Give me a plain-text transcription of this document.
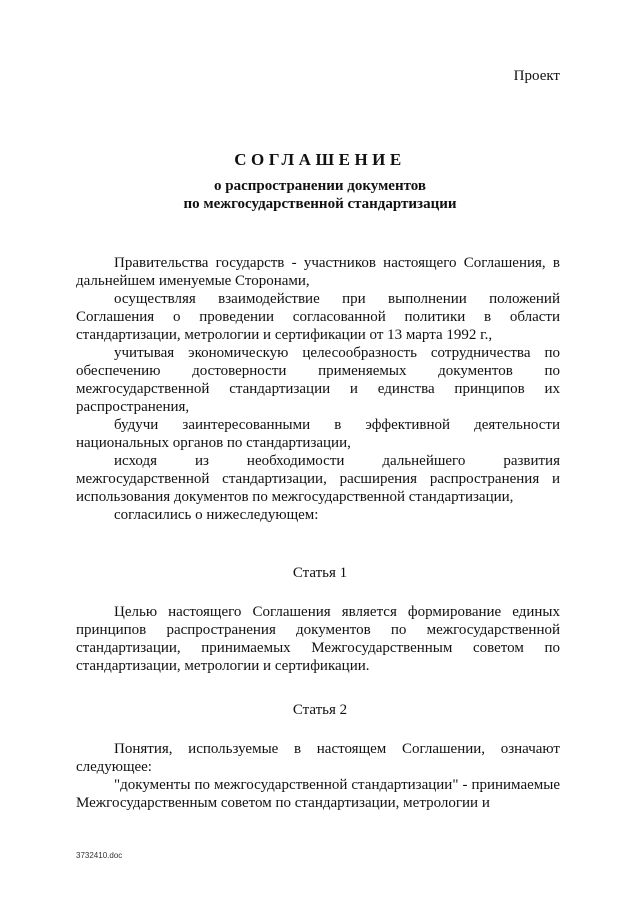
Проект
СОГЛАШЕНИЕ
о распространении документов
по межгосударственной стандартизации

Правительства государств - участников настоящего Соглашения, в дальнейшем именуемые Сторонами,

осуществляя взаимодействие при выполнении положений Соглашения о проведении согласованной политики в области стандартизации, метрологии и сертификации от 13 марта 1992 г.,

учитывая экономическую целесообразность сотрудничества по обеспечению достоверности применяемых документов по межгосударственной стандартизации и единства принципов их распространения,

будучи заинтересованными в эффективной деятельности национальных органов по стандартизации,

исходя из необходимости дальнейшего развития межгосударственной стандартизации, расширения распространения и использования документов по межгосударственной стандартизации,

согласились о нижеследующем:

Статья 1

Целью настоящего Соглашения является формирование единых принципов распространения документов по межгосударственной стандартизации, принимаемых Межгосударственным советом по стандартизации, метрологии и сертификации.

Статья 2

Понятия, используемые в настоящем Соглашении, означают следующее:

"документы по межгосударственной стандартизации" - принимаемые Межгосударственным советом по стандартизации, метрологии и

3732410.doc
